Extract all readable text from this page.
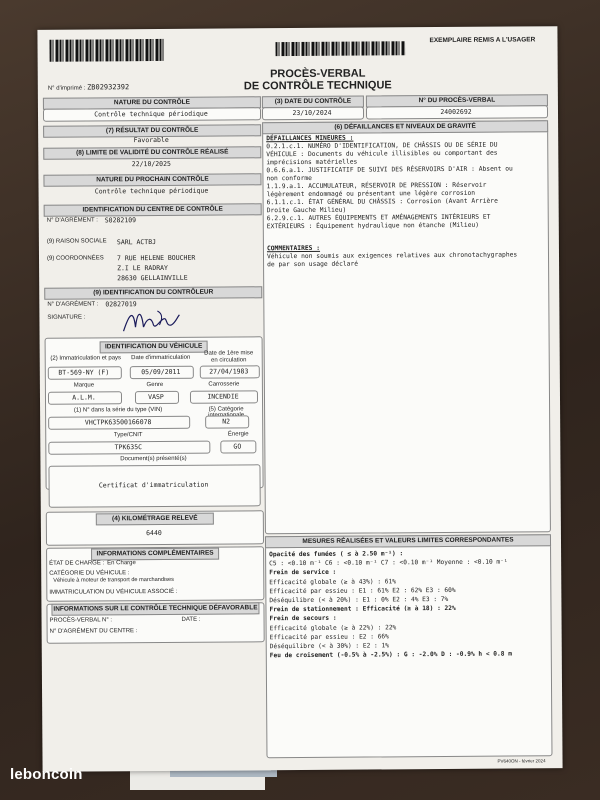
EXEMPLAIRE REMIS A L'USAGER
N° d'imprimé : ZB02932392
PROCÈS-VERBAL
DE CONTRÔLE TECHNIQUE
NATURE DU CONTRÔLE
Contrôle technique périodique
(3) DATE DU CONTRÔLE
23/10/2024
N° DU PROCÈS-VERBAL
24002692
(7) RÉSULTAT DU CONTRÔLE
Favorable
(8) LIMITE DE VALIDITÉ DU CONTRÔLE RÉALISÉ
22/10/2025
NATURE DU PROCHAIN CONTRÔLE
Contrôle technique périodique
IDENTIFICATION DU CENTRE DE CONTRÔLE
N° D'AGRÉMENT : S0282109
(9) RAISON SOCIALE SARL ACTBJ
(9) COORDONNÉES 7 RUE HELENE BOUCHER
Z.I LE RADRAY
28630 GELLAINVILLE
(9) IDENTIFICATION DU CONTRÔLEUR
N° D'AGRÉMENT : 02827019
SIGNATURE :
IDENTIFICATION DU VÉHICULE
(2) Immatriculation et pays	Date d'immatriculation
Date de 1ère mise
en circulation
BT-569-NY (F)	05/09/2011	27/04/1983
Marque	Genre	Carrosserie
A.L.M.	VASP	INCENDIE
(1) N° dans la série du type (VIN)	(5) Catégorie
VHCTPK63500166078	N2
Type/CNIT	Énergie
TPK635C	GO
Document(s) présenté(s)
Certificat d'immatriculation
(4) KILOMÉTRAGE RELEVÉ
6440
INFORMATIONS COMPLÉMENTAIRES
ÉTAT DE CHARGE : En Charge
CATÉGORIE DU VÉHICULE :
Véhicule à moteur de transport de marchandises
IMMATRICULATION DU VÉHICULE ASSOCIÉ :
INFORMATIONS SUR LE CONTRÔLE TECHNIQUE DÉFAVORABLE
PROCÈS-VERBAL N° :	DATE :
N° D'AGRÉMENT DU CENTRE :
(6) DÉFAILLANCES ET NIVEAUX DE GRAVITÉ
DÉFAILLANCES MINEURES :
0.2.1.c.1. NUMÉRO D'IDENTIFICATION, DE CHÂSSIS OU DE SÉRIE DU
VÉHICULE : Documents du véhicule illisibles ou comportant des
imprécisions matérielles
0.6.6.a.1. JUSTIFICATIF DE SUIVI DES RÉSERVOIRS D'AIR : Absent ou
non conforme
1.1.9.a.1. ACCUMULATEUR, RÉSERVOIR DE PRESSION : Réservoir
légèrement endommagé ou présentant une légère corrosion
6.1.1.c.1. ÉTAT GÉNÉRAL DU CHÂSSIS : Corrosion (Avant Arrière
Droite Gauche Milieu)
6.2.9.c.1. AUTRES ÉQUIPEMENTS ET AMÉNAGEMENTS INTÉRIEURS ET
EXTÉRIEURS : Équipement hydraulique non étanche (Milieu)
COMMENTAIRES :
Véhicule non soumis aux exigences relatives aux chronotachygraphes
de par son usage déclaré
MESURES RÉALISÉES ET VALEURS LIMITES CORRESPONDANTES
Opacité des fumées ( ≤ à 2.50 m⁻¹) :
C5 : <0.10 m⁻¹ C6 : <0.10 m⁻¹ C7 : <0.10 m⁻¹ Moyenne : <0.10 m⁻¹
Frein de service :
Efficacité globale (≥ à 43%) : 61%
Efficacité par essieu : E1 : 61% E2 : 62% E3 : 60%
Déséquilibre (< à 20%) : E1 : 0% E2 : 4% E3 : 7%
Frein de stationnement : Efficacité (≥ à 18) : 22%
Frein de secours :
Efficacité globale (≥ à 22%) : 22%
Efficacité par essieu : E2 : 66%
Déséquilibre (< à 30%) : E2 : 1%
Feu de croisement (-0.5% à -2.5%) : G : -2.0% D : -0.9% h < 0.8 m
PV640ON - février 2024
leboncoin
